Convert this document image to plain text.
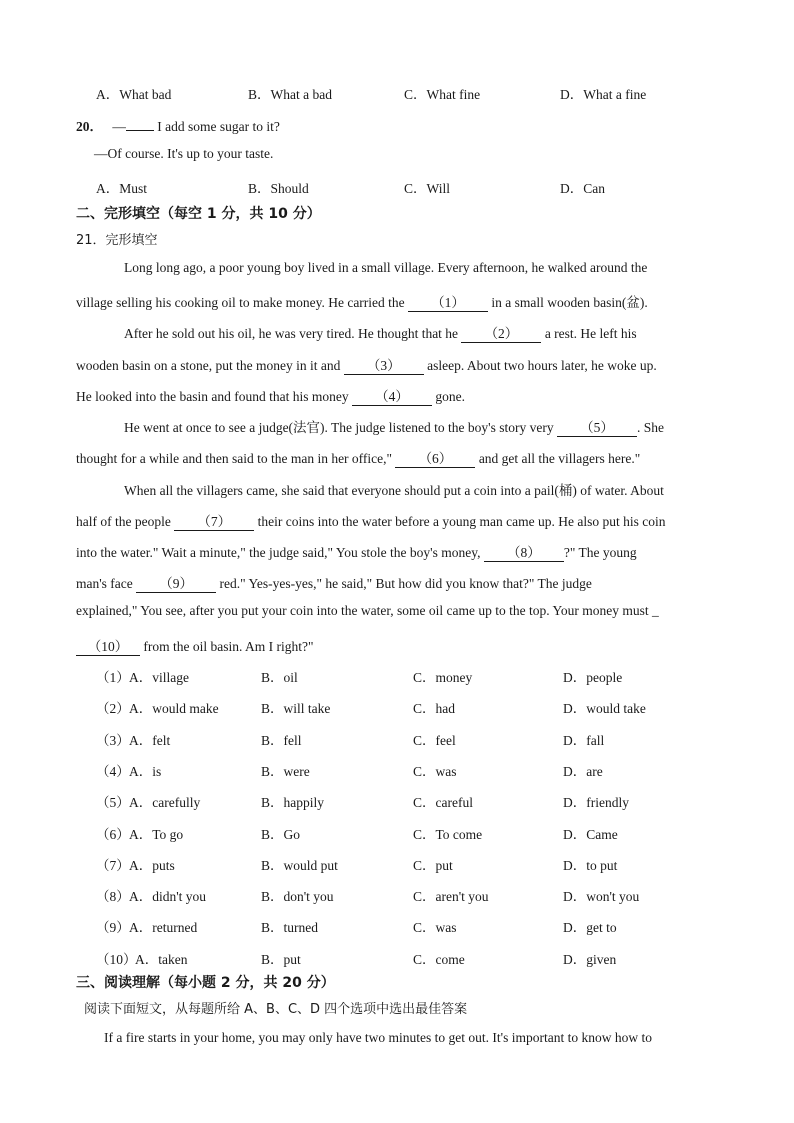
A．What bad	B．What a bad	C．What fine	D．What a fine
20． — I add some sugar to it?
—Of course. It's up to your taste.
A．Must	B．Should	C．Will	D．Can
二、完形填空（每空 1 分，共 10 分）
21．完形填空
Long long ago, a poor young boy lived in a small village. Every afternoon, he walked around the
village selling his cooking oil to make money. He carried the （1） in a small wooden basin(盆).
After he sold out his oil, he was very tired. He thought that he （2） a rest. He left his
wooden basin on a stone, put the money in it and （3） asleep. About two hours later, he woke up.
He looked into the basin and found that his money （4） gone.
He went at once to see a judge(法官). The judge listened to the boy's story very （5） . She
thought for a while and then said to the man in her office," （6） and get all the villagers here."
When all the villagers came, she said that everyone should put a coin into a pail(桶) of water. About
half of the people （7） their coins into the water before a young man came up. He also put his coin
into the water." Wait a minute," the judge said," You stole the boy's money, （8） ?" The young
man's face （9） red." Yes-yes-yes," he said," But how did you know that?" The judge
explained," You see, after you put your coin into the water, some oil came up to the top. Your money must _
（10） from the oil basin. Am I right?"
（1） A．village	B．oil	C．money	D．people
（2） A．would make	B．will take	C．had	D．would take
（3） A．felt	B．fell	C．feel	D．fall
（4） A．is	B．were	C．was	D．are
（5） A．carefully	B．happily	C．careful	D．friendly
（6） A．To go	B．Go	C．To come	D．Came
（7） A．puts	B．would put	C．put	D．to put
（8） A．didn't you	B．don't you	C．aren't you	D．won't you
（9） A．returned	B．turned	C．was	D．get to
（10）
A．taken	B．put	C．come	D．given
三、阅读理解（每小题 2 分，共 20 分）
阅读下面短文，从每题所给 A、B、C、D 四个选项中选出最佳答案
If a fire starts in your home, you may only have two minutes to get out. It's important to know how to
